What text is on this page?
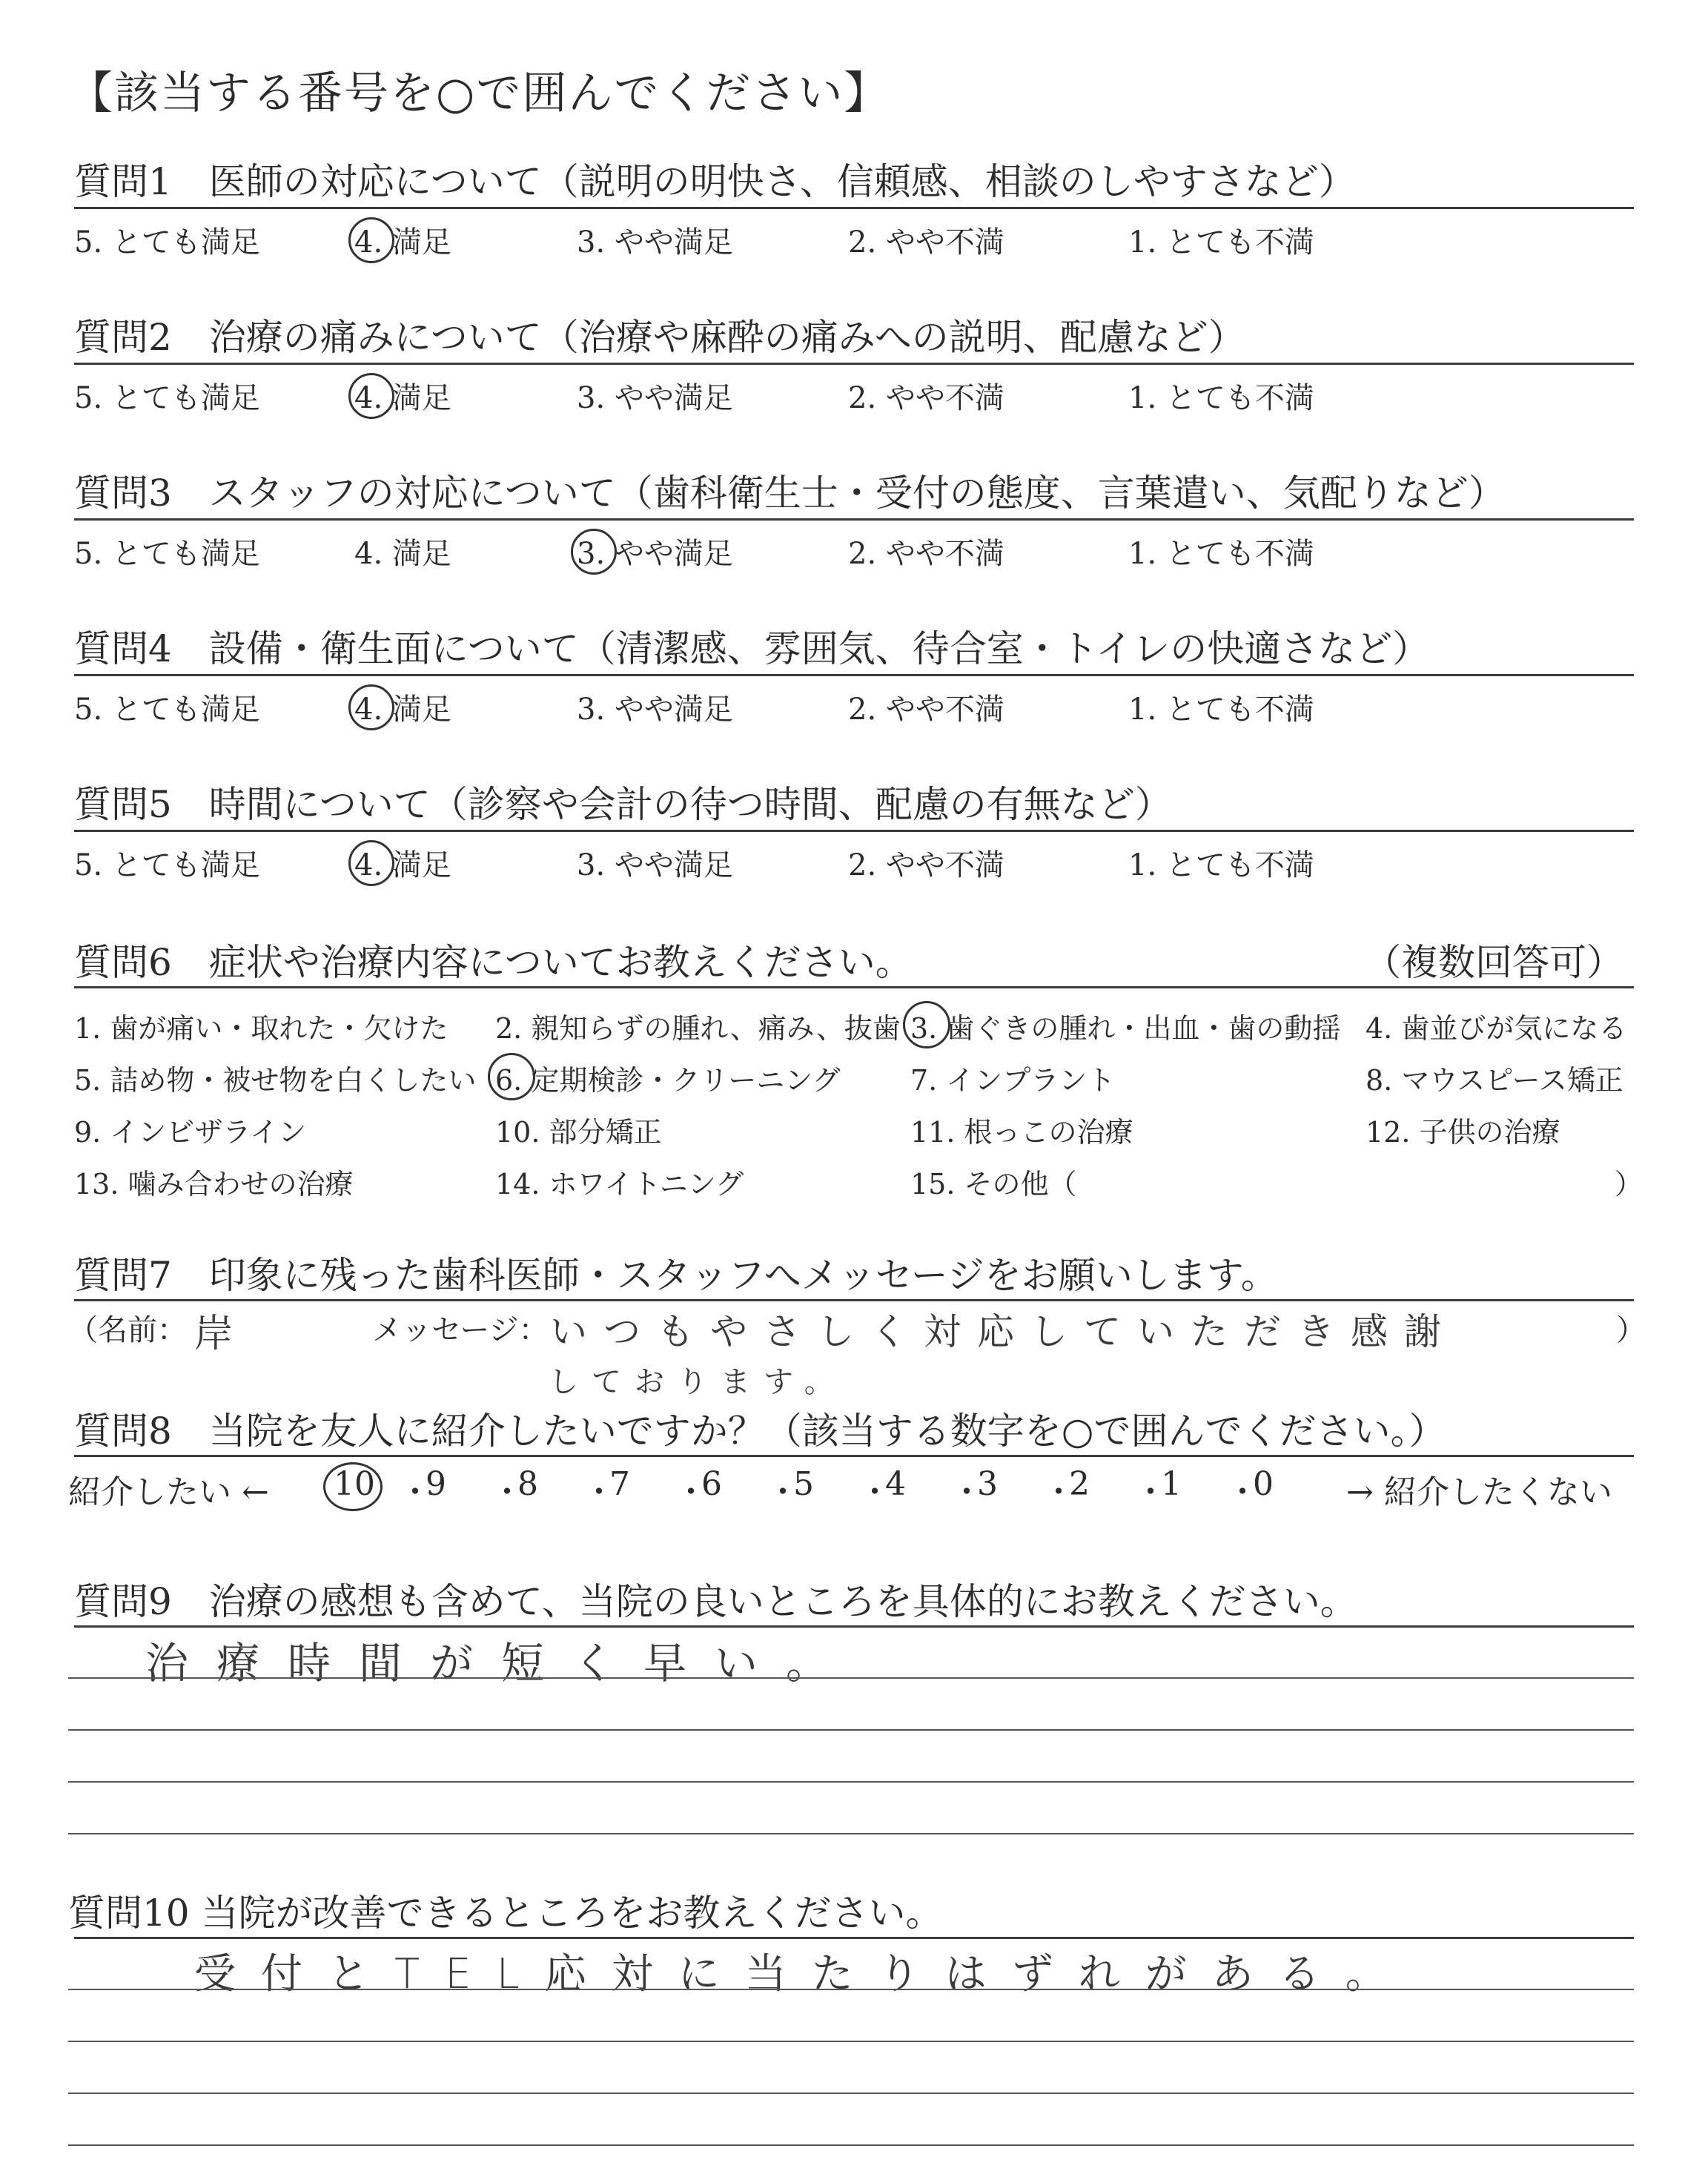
【該当する番号を○で囲んでください】
質問1　医師の対応について（説明の明快さ、信頼感、相談のしやすさなど）
5. とても満足	4. 満足	3. やや満足	2. やや不満	1. とても不満
質問2　治療の痛みについて（治療や麻酔の痛みへの説明、配慮など）
5. とても満足	4. 満足	3. やや満足	2. やや不満	1. とても不満
質問3　スタッフの対応について（歯科衛生士・受付の態度、言葉遣い、気配りなど）
5. とても満足	4. 満足	3. やや満足	2. やや不満	1. とても不満
質問4　設備・衛生面について（清潔感、雰囲気、待合室・トイレの快適さなど）
5. とても満足	4. 満足	3. やや満足	2. やや不満	1. とても不満
質問5　時間について（診察や会計の待つ時間、配慮の有無など）
5. とても満足	4. 満足	3. やや満足	2. やや不満	1. とても不満
質問6　症状や治療内容についてお教えください。	（複数回答可）
1. 歯が痛い・取れた・欠けた 2. 親知らずの腫れ、痛み、抜歯 3. 歯ぐきの腫れ・出血・歯の動揺 4. 歯並びが気になる
5. 詰め物・被せ物を白くしたい 6. 定期検診・クリーニング 7. インプラント	8. マウスピース矯正
9. インビザライン	10. 部分矯正	11. 根っこの治療	12. 子供の治療
13. 噛み合わせの治療	14. ホワイトニング	15. その他（	）
質問7　印象に残った歯科医師・スタッフへメッセージをお願いします。
（名前： 岸	メッセージ： いつもやさしく対応していただき感謝	）
しております。
質問8　当院を友人に紹介したいですか？（該当する数字を○で囲んでください。）
紹介したい ← 10 ・
9 ・
8 ・
7 ・
6 ・
5 ・
4 ・
3 ・
2 ・
1 ・
0 → 紹介したくない
質問9　治療の感想も含めて、当院の良いところを具体的にお教えください。
治療時間が短く早い。
質問10 当院が改善できるところをお教えください。
受付とTEL応対に当たりはずれがある。
